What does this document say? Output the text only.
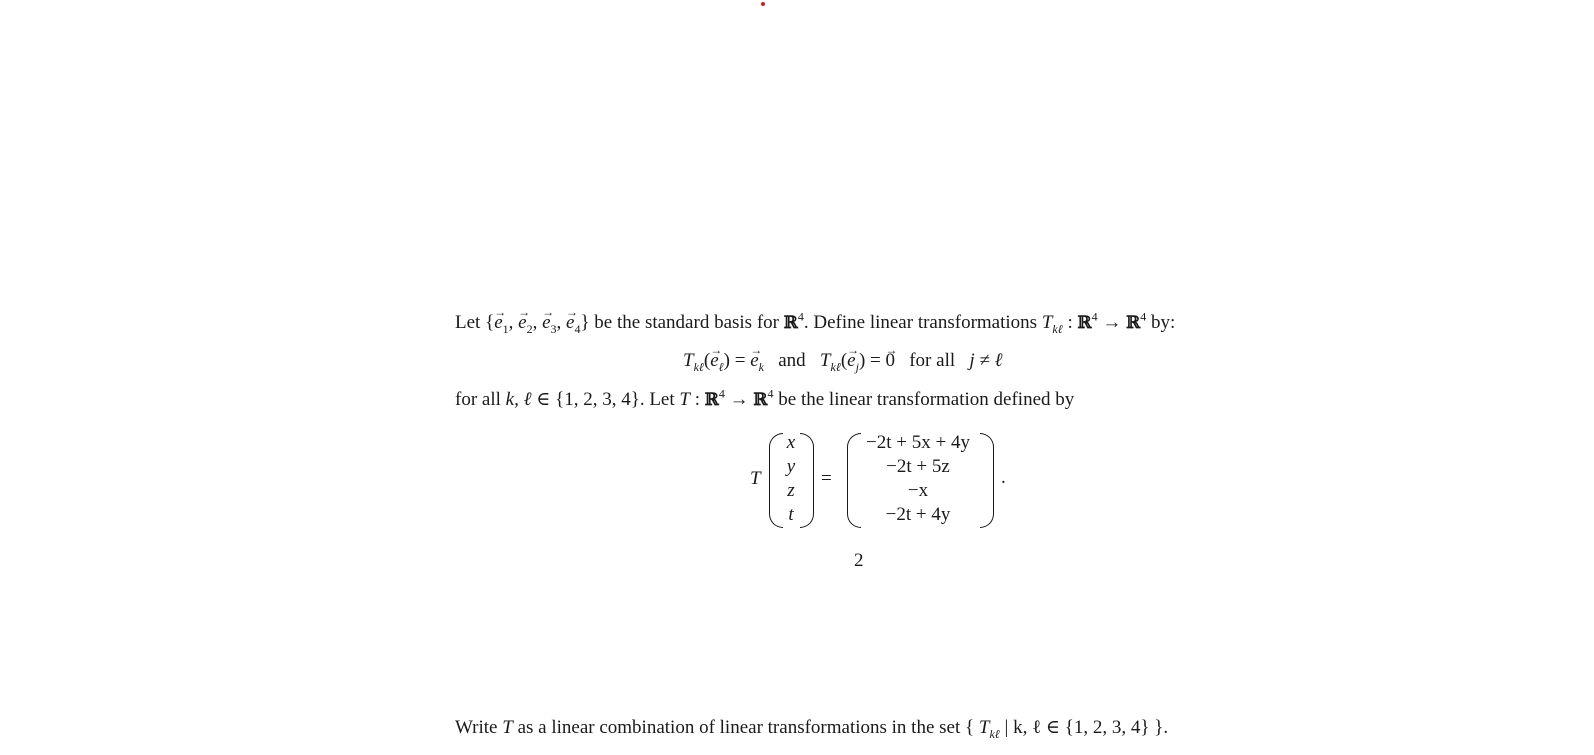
Let {→ $e_1$, → $e_2$, → $e_3$, → $e_4$} be the standard basis for ℝ$^4$. Define linear transformations $T_{k\ell}$ : ℝ$^4$ → ℝ$^4$ by:
$T_{k\ell}(\to e_\ell)$ = → $e_k$ and $T_{k\ell}(\to e_j)$ = → 0 for all j ≠ ℓ
for all k, ℓ ∈ {1, 2, 3, 4}. Let T : ℝ$^4$ → ℝ$^4$ be the linear transformation defined by
T
x
y
z
t
=
−2t + 5x + 4y
−2t + 5z
−x
−2t + 4y
.
2
Write T as a linear combination of linear transformations in the set { $T_{k\ell}$ | k, ℓ ∈ {1, 2, 3, 4} }.
